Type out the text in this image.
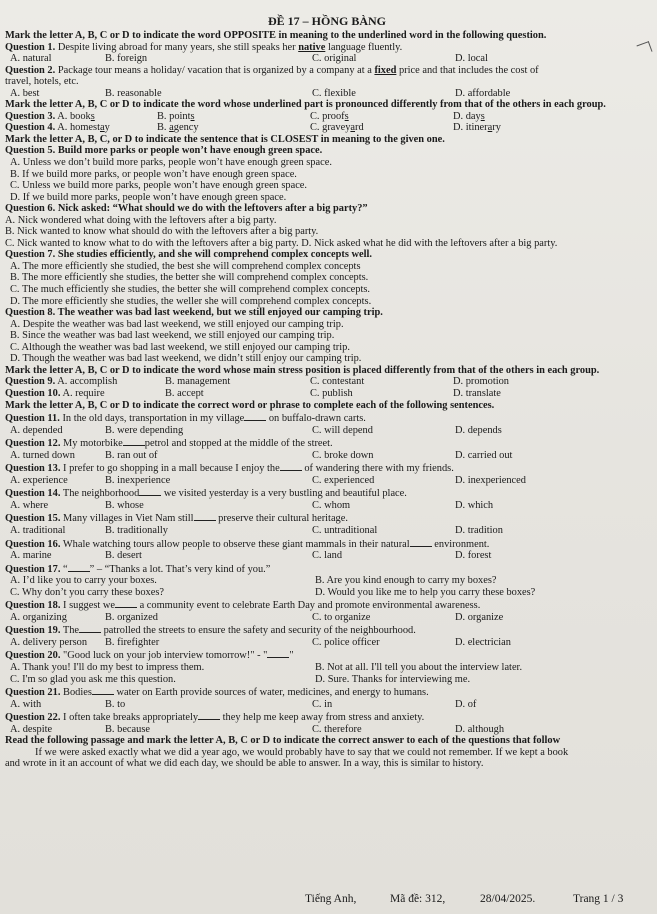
ĐỀ 17 – HỒNG BÀNG
Mark the letter A, B, C or D to indicate the word OPPOSITE in meaning to the underlined word in the following question.
Question 1. Despite living abroad for many years, she still speaks her native language fluently.
A. natural	B. foreign	C. original	D. local
Question 2. Package tour means a holiday/ vacation that is organized by a company at a fixed price and that includes the cost of
travel, hotels, etc.
A. best	B. reasonable	C. flexible	D. affordable
Mark the letter A, B, C or D to indicate the word whose underlined part is pronounced differently from that of the others in each group.
Question 3. A. books	B. points	C. proofs	D. days
Question 4. A. homestay	B. agency	C. graveyard	D. itinerary
Mark the letter A, B, C, or D to indicate the sentence that is CLOSEST in meaning to the given one.
Question 5. Build more parks or people won’t have enough green space.
A. Unless we don’t build more parks, people won’t have enough green space.
B. If we build more parks, or people won’t have enough green space.
C. Unless we build more parks, people won’t have enough green space.
D. If we build more parks, people won’t have enough green space.
Question 6. Nick asked: “What should we do with the leftovers after a big party?”
A. Nick wondered what doing with the leftovers after a big party.
B. Nick wanted to know what should do with the leftovers after a big party.
C. Nick wanted to know what to do with the leftovers after a big party. D. Nick asked what he did with the leftovers after a big party.
Question 7. She studies efficiently, and she will comprehend complex concepts well.
A. The more efficiently she studied, the best she will comprehend complex concepts
B. The more efficiently she studies, the better she will comprehend complex concepts.
C. The much efficiently she studies, the better she will comprehend complex concepts.
D. The more efficiently she studies, the weller she will comprehend complex concepts.
Question 8. The weather was bad last weekend, but we still enjoyed our camping trip.
A. Despite the weather was bad last weekend, we still enjoyed our camping trip.
B. Since the weather was bad last weekend, we still enjoyed our camping trip.
C. Although the weather was bad last weekend, we still enjoyed our camping trip.
D. Though the weather was bad last weekend, we didn’t still enjoy our camping trip.
Mark the letter A, B, C or D to indicate the word whose main stress position is placed differently from that of the others in each group.
Question 9. A. accomplish	B. management	C. contestant	D. promotion
Question 10. A. require	B. accept	C. publish	D. translate
Mark the letter A, B, C or D to indicate the correct word or phrase to complete each of the following sentences.
Question 11. In the old days, transportation in my village on buffalo-drawn carts.
A. depended	B. were depending	C. will depend	D. depends
Question 12. My motorbike petrol and stopped at the middle of the street.
A. turned down	B. ran out of	C. broke down	D. carried out
Question 13. I prefer to go shopping in a mall because I enjoy the of wandering there with my friends.
A. experience	B. inexperience	C. experienced	D. inexperienced
Question 14. The neighborhood we visited yesterday is a very bustling and beautiful place.
A. where	B. whose	C. whom	D. which
Question 15. Many villages in Viet Nam still preserve their cultural heritage.
A. traditional	B. traditionally	C. untraditional	D. tradition
Question 16. Whale watching tours allow people to observe these giant mammals in their natural environment.
A. marine	B. desert	C. land	D. forest
Question 17. “ ” – “Thanks a lot. That’s very kind of you.”
A. I’d like you to carry your boxes.	B. Are you kind enough to carry my boxes?
C. Why don’t you carry these boxes?	D. Would you like me to help you carry these boxes?
Question 18. I suggest we a community event to celebrate Earth Day and promote environmental awareness.
A. organizing	B. organized	C. to organize	D. organize
Question 19. The patrolled the streets to ensure the safety and security of the neighbourhood.
A. delivery person	B. firefighter	C. police officer	D. electrician
Question 20. "Good luck on your job interview tomorrow!" - " "
A. Thank you! I'll do my best to impress them.	B. Not at all. I'll tell you about the interview later.
C. I'm so glad you ask me this question.	D. Sure. Thanks for interviewing me.
Question 21. Bodies water on Earth provide sources of water, medicines, and energy to humans.
A. with	B. to	C. in	D. of
Question 22. I often take breaks appropriately they help me keep away from stress and anxiety.
A. despite	B. because	C. therefore	D. although
Read the following passage and mark the letter A, B, C or D to indicate the correct answer to each of the questions that follow
If we were asked exactly what we did a year ago, we would probably have to say that we could not remember. If we kept a book
and wrote in it an account of what we did each day, we should be able to answer. In a way, this is similar to history.
Tiếng Anh,	Mã đề: 312,	28/04/2025.	Trang 1 / 3
